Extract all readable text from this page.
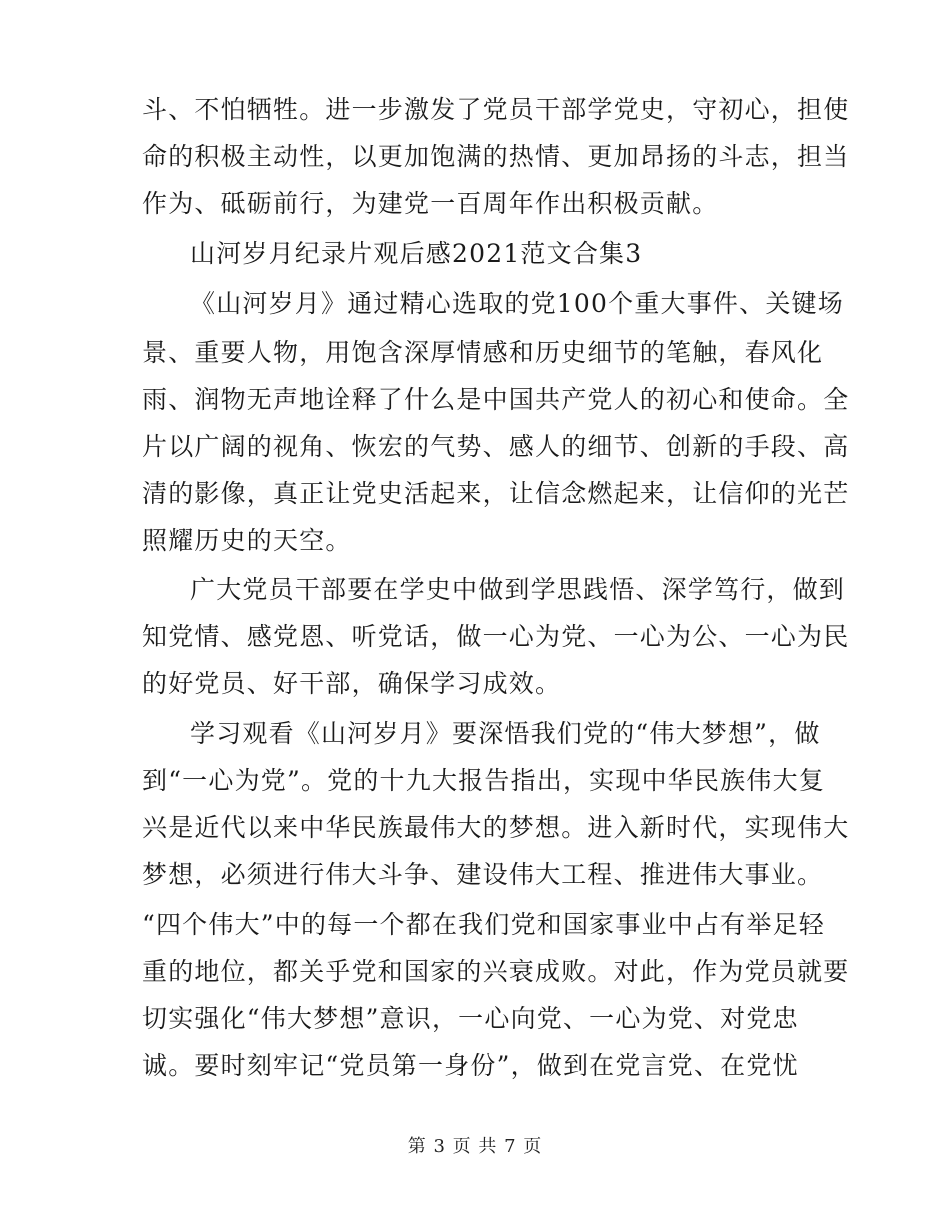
斗、不怕牺牲。进一步激发了党员干部学党史，守初心，担使
命的积极主动性，以更加饱满的热情、更加昂扬的斗志，担当
作为、砥砺前行，为建党一百周年作出积极贡献。
山河岁月纪录片观后感2021范文合集3
《山河岁月》通过精心选取的党100个重大事件、关键场
景、重要人物，用饱含深厚情感和历史细节的笔触，春风化
雨、润物无声地诠释了什么是中国共产党人的初心和使命。全
片以广阔的视角、恢宏的气势、感人的细节、创新的手段、高
清的影像，真正让党史活起来，让信念燃起来，让信仰的光芒
照耀历史的天空。
广大党员干部要在学史中做到学思践悟、深学笃行，做到
知党情、感党恩、听党话，做一心为党、一心为公、一心为民
的好党员、好干部，确保学习成效。
学习观看《山河岁月》要深悟我们党的“伟大梦想”，做
到“一心为党”。党的十九大报告指出，实现中华民族伟大复
兴是近代以来中华民族最伟大的梦想。进入新时代，实现伟大
梦想，必须进行伟大斗争、建设伟大工程、推进伟大事业。
“四个伟大”中的每一个都在我们党和国家事业中占有举足轻
重的地位，都关乎党和国家的兴衰成败。对此，作为党员就要
切实强化“伟大梦想”意识，一心向党、一心为党、对党忠
诚。要时刻牢记“党员第一身份”，做到在党言党、在党忧
第 3 页 共 7 页
